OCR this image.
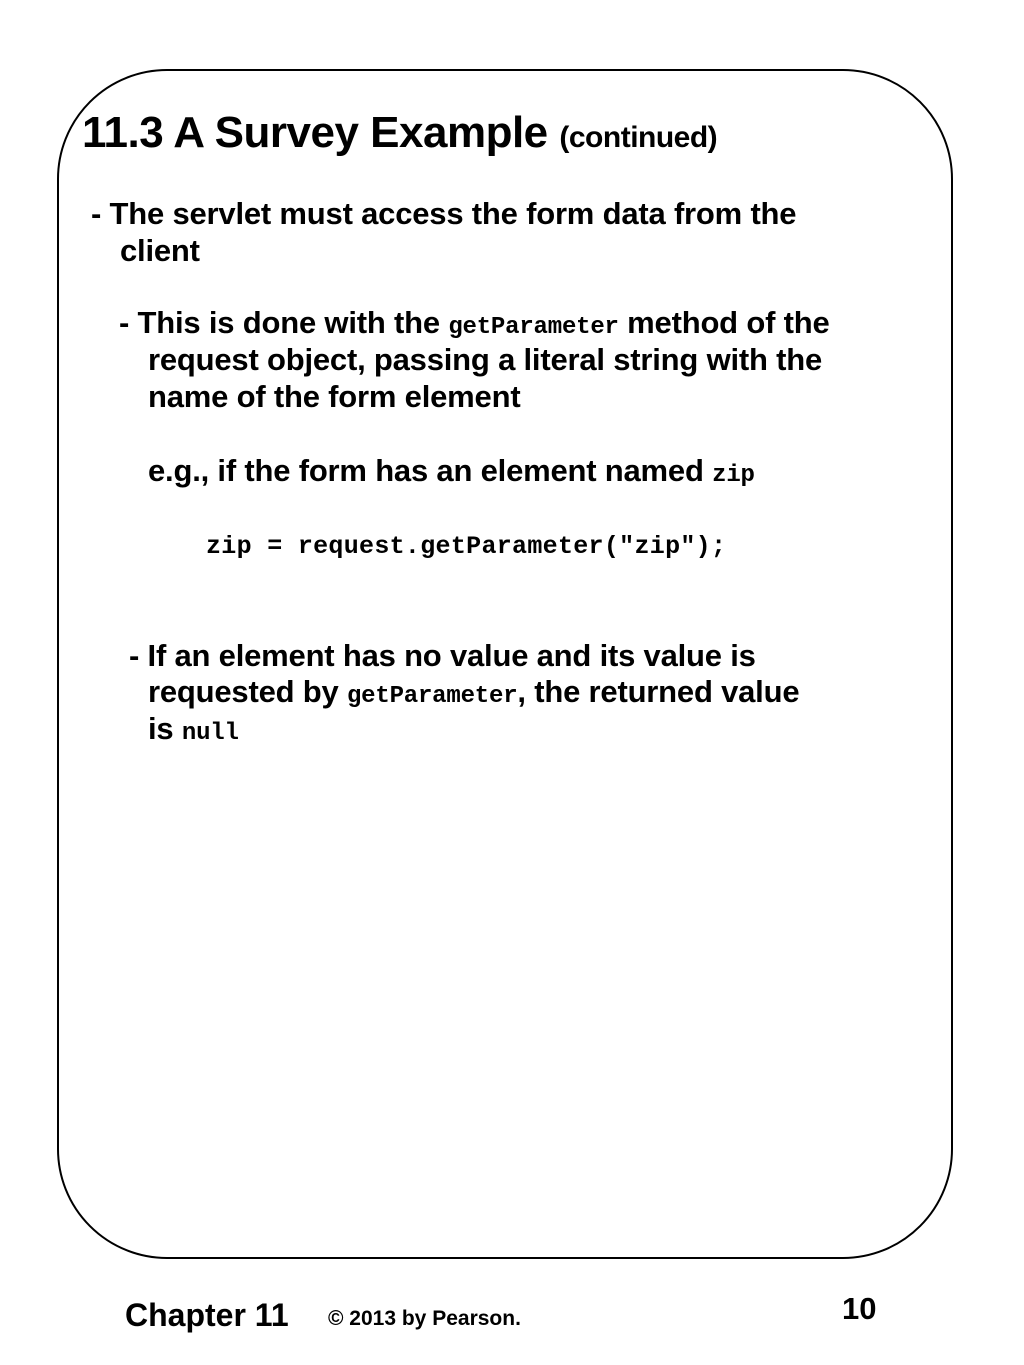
11.3 A Survey Example (continued)
- The servlet must access the form data from the
client
- This is done with the getParameter method of the
request object, passing a literal string with the
name of the form element
e.g., if the form has an element named zip
zip = request.getParameter("zip");
- If an element has no value and its value is
requested by getParameter, the returned value
is null
Chapter 11 © 2013 by Pearson.	10
